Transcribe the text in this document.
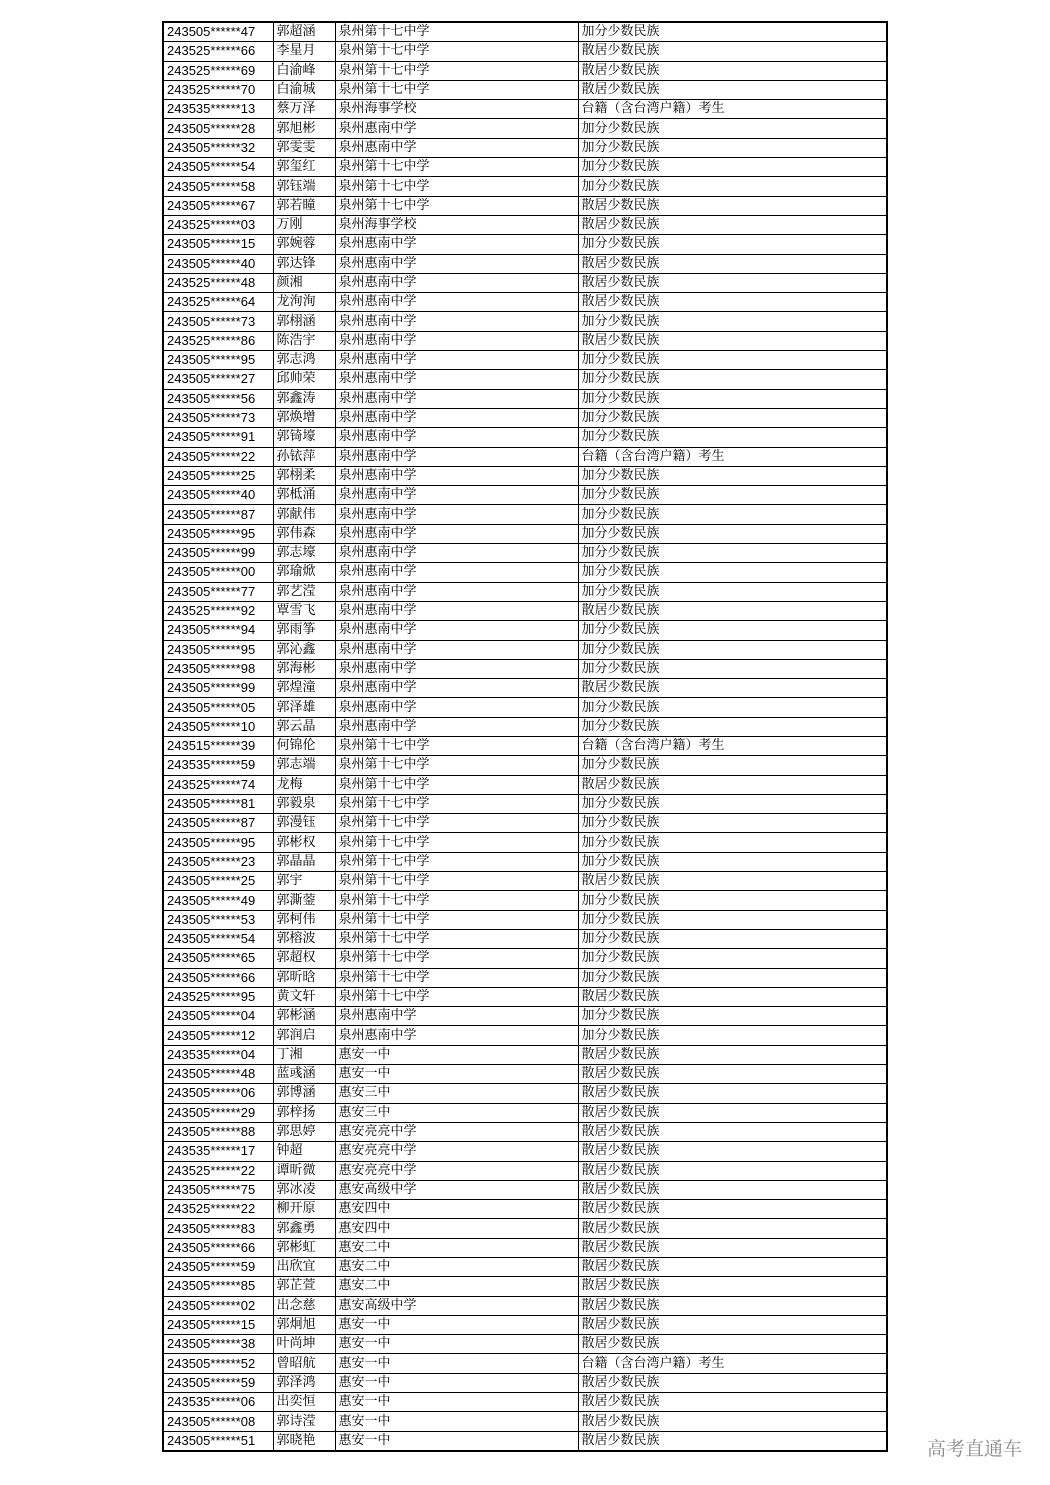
243505******47	郭超涵	泉州第十七中学	加分少数民族
243525******66	李星月	泉州第十七中学	散居少数民族
243525******69	白渝峰	泉州第十七中学	散居少数民族
243525******70	白渝城	泉州第十七中学	散居少数民族
243535******13	蔡万泽	泉州海事学校	台籍（含台湾户籍）考生
243505******28	郭旭彬	泉州惠南中学	加分少数民族
243505******32	郭雯雯	泉州惠南中学	加分少数民族
243505******54	郭玺红	泉州第十七中学	加分少数民族
243505******58	郭钰端	泉州第十七中学	加分少数民族
243505******67	郭若瞳	泉州第十七中学	散居少数民族
243525******03	万刚	泉州海事学校	散居少数民族
243505******15	郭婉蓉	泉州惠南中学	加分少数民族
243505******40	郭达锋	泉州惠南中学	散居少数民族
243525******48	颜湘	泉州惠南中学	散居少数民族
243525******64	龙洵洵	泉州惠南中学	散居少数民族
243505******73	郭栩涵	泉州惠南中学	加分少数民族
243525******86	陈浩宇	泉州惠南中学	散居少数民族
243505******95	郭志鸿	泉州惠南中学	加分少数民族
243505******27	邱帅荣	泉州惠南中学	加分少数民族
243505******56	郭鑫涛	泉州惠南中学	加分少数民族
243505******73	郭焕增	泉州惠南中学	加分少数民族
243505******91	郭锜壕	泉州惠南中学	加分少数民族
243505******22	孙铱萍	泉州惠南中学	台籍（含台湾户籍）考生
243505******25	郭栩柔	泉州惠南中学	加分少数民族
243505******40	郭柢涌	泉州惠南中学	加分少数民族
243505******87	郭献伟	泉州惠南中学	加分少数民族
243505******95	郭伟森	泉州惠南中学	加分少数民族
243505******99	郭志壕	泉州惠南中学	加分少数民族
243505******00	郭瑜焮	泉州惠南中学	加分少数民族
243505******77	郭艺滢	泉州惠南中学	加分少数民族
243525******92	覃雪飞	泉州惠南中学	散居少数民族
243505******94	郭雨筝	泉州惠南中学	加分少数民族
243505******95	郭沁鑫	泉州惠南中学	加分少数民族
243505******98	郭海彬	泉州惠南中学	加分少数民族
243505******99	郭煌潼	泉州惠南中学	散居少数民族
243505******05	郭泽雄	泉州惠南中学	加分少数民族
243505******10	郭云晶	泉州惠南中学	加分少数民族
243515******39	何锦伦	泉州第十七中学	台籍（含台湾户籍）考生
243535******59	郭志端	泉州第十七中学	加分少数民族
243525******74	龙梅	泉州第十七中学	散居少数民族
243505******81	郭毅泉	泉州第十七中学	加分少数民族
243505******87	郭漫钰	泉州第十七中学	加分少数民族
243505******95	郭彬权	泉州第十七中学	加分少数民族
243505******23	郭晶晶	泉州第十七中学	加分少数民族
243505******25	郭宇	泉州第十七中学	散居少数民族
243505******49	郭澌蓥	泉州第十七中学	加分少数民族
243505******53	郭柯伟	泉州第十七中学	加分少数民族
243505******54	郭榕波	泉州第十七中学	加分少数民族
243505******65	郭超权	泉州第十七中学	加分少数民族
243505******66	郭昕晗	泉州第十七中学	加分少数民族
243525******95	黄文轩	泉州第十七中学	散居少数民族
243505******04	郭彬涵	泉州惠南中学	加分少数民族
243505******12	郭润启	泉州惠南中学	加分少数民族
243535******04	丁湘	惠安一中	散居少数民族
243505******48	蓝彧涵	惠安一中	散居少数民族
243505******06	郭博涵	惠安三中	散居少数民族
243505******29	郭梓扬	惠安三中	散居少数民族
243505******88	郭思婷	惠安亮亮中学	散居少数民族
243535******17	钟超	惠安亮亮中学	散居少数民族
243525******22	谭昕微	惠安亮亮中学	散居少数民族
243505******75	郭冰凌	惠安高级中学	散居少数民族
243525******22	柳开原	惠安四中	散居少数民族
243505******83	郭鑫勇	惠安四中	散居少数民族
243505******66	郭彬虹	惠安二中	散居少数民族
243505******59	出欣宜	惠安二中	散居少数民族
243505******85	郭芷萱	惠安二中	散居少数民族
243505******02	出念慈	惠安高级中学	散居少数民族
243505******15	郭炯旭	惠安一中	散居少数民族
243505******38	叶尚坤	惠安一中	散居少数民族
243505******52	曾昭航	惠安一中	台籍（含台湾户籍）考生
243505******59	郭泽鸿	惠安一中	散居少数民族
243535******06	出奕恒	惠安一中	散居少数民族
243505******08	郭诗滢	惠安一中	散居少数民族
243505******51	郭晓艳	惠安一中	散居少数民族	高考直通车
